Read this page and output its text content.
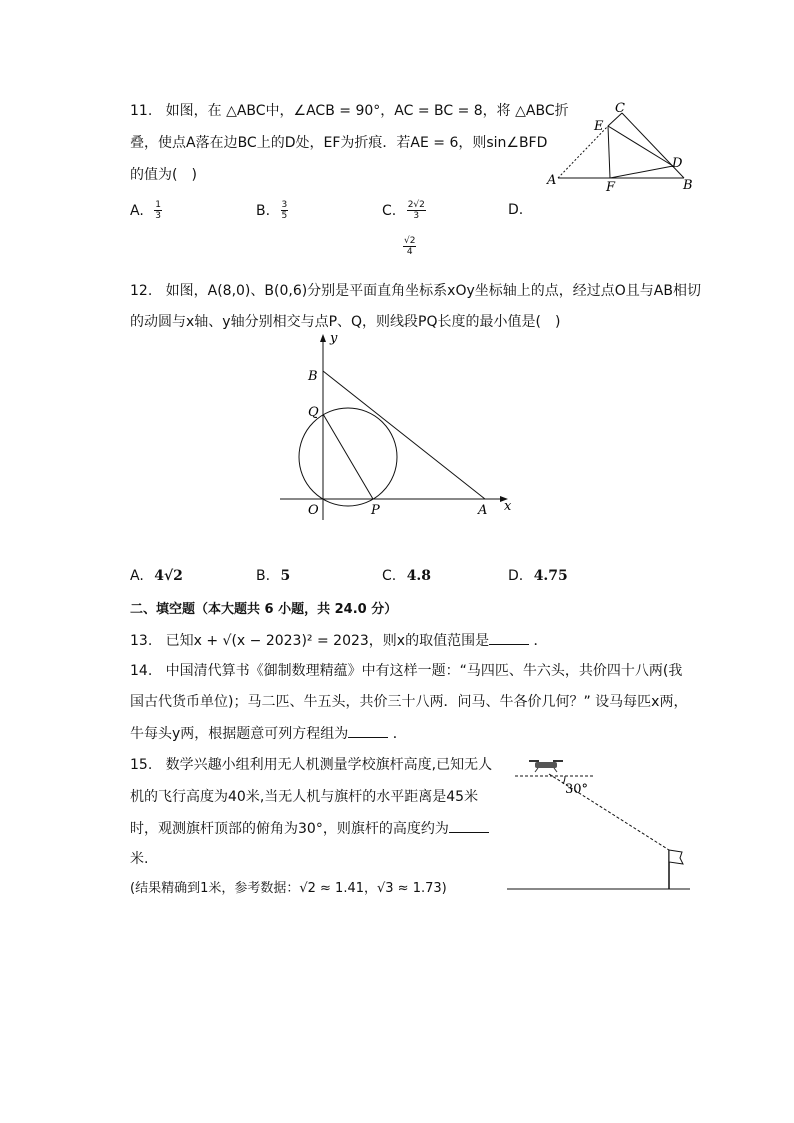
11. 如图，在 △ABC中，∠ACB = 90°，AC = BC = 8，将 △ABC折
叠，使点A落在边BC上的D处，EF为折痕．若AE = 6，则sin∠BFD
的值为(　)
A. $\frac{1}{3}$	B. $\frac{3}{5}$	C. $\frac{2√2}{3}$	D.
$\frac{√2}{4}$
A	B
C
D
E
F
12. 如图，A(8,0)、B(0,6)分别是平面直角坐标系xOy坐标轴上的点，经过点O且与AB相切
的动圆与x轴、y轴分别相交与点P、Q，则线段PQ长度的最小值是(　)
y
x
B
Q
O	P	A
A. 4√2	B. 5	C. 4.8	D. 4.75
二、填空题（本大题共 6 小题，共 24.0 分）
13. 已知x + √(x − 2023)² = 2023，则x的取值范围是	．
14. 中国清代算书《御制数理精蕴》中有这样一题：“马四匹、牛六头，共价四十八两(我
国古代货币单位)；马二匹、牛五头，共价三十八两．问马、牛各价几何？” 设马每匹x两，
牛每头y两，根据题意可列方程组为	．
15. 数学兴趣小组利用无人机测量学校旗杆高度,已知无人
机的飞行高度为40米,当无人机与旗杆的水平距离是45米
时，观测旗杆顶部的俯角为30°，则旗杆的高度约为
米.
(结果精确到1米，参考数据：√2 ≈ 1.41，√3 ≈ 1.73)
30°
